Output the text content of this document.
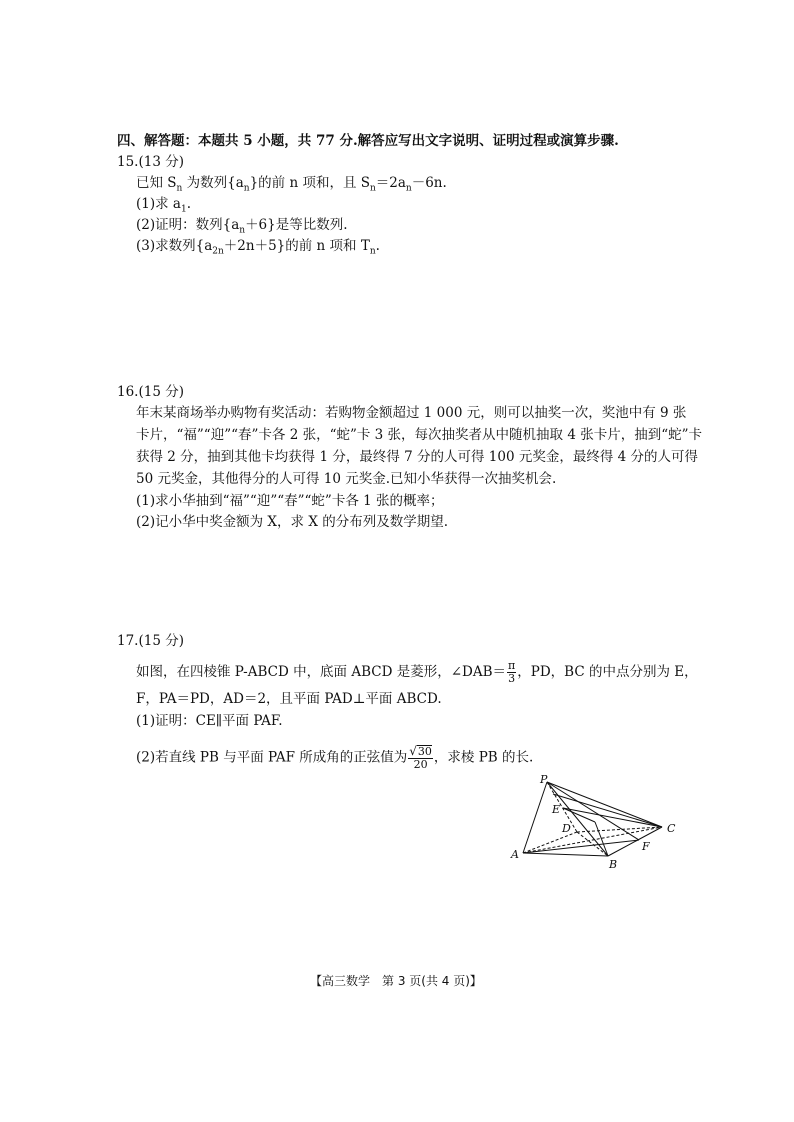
四、解答题：本题共 5 小题，共 77 分.解答应写出文字说明、证明过程或演算步骤.
15.(13 分)
已知 $S_n$ 为数列$\{a_n\}$的前 n 项和，且 $S_n=2a_n-6n$.
(1)求 $a_1$.
(2)证明：数列$\{a_n+6\}$是等比数列.
(3)求数列$\{a_{2n}+2n+5\}$的前 n 项和 $T_n$.
16.(15 分)
年末某商场举办购物有奖活动：若购物金额超过 1 000 元，则可以抽奖一次，奖池中有 9 张
卡片，“福”“迎”“春”卡各 2 张，“蛇”卡 3 张，每次抽奖者从中随机抽取 4 张卡片，抽到“蛇”卡
获得 2 分，抽到其他卡均获得 1 分，最终得 7 分的人可得 100 元奖金，最终得 4 分的人可得
50 元奖金，其他得分的人可得 10 元奖金.已知小华获得一次抽奖机会.
(1)求小华抽到“福”“迎”“春”“蛇”卡各 1 张的概率；
(2)记小华中奖金额为 X，求 X 的分布列及数学期望.
17.(15 分)
如图，在四棱锥 P-ABCD 中，底面 ABCD 是菱形，∠DAB＝ $\frac{\pi}{3}$ ，PD，BC 的中点分别为 E，
F，PA＝PD，AD＝2，且平面 PAD⊥平面 ABCD.
(1)证明：CE∥平面 PAF.
(2)若直线 PB 与平面 PAF 所成角的正弦值为 $\frac{√30}{20}$ ，求棱 PB 的长.
P
E
D	C
F
A
B
【高三数学　第 3 页(共 4 页)】
